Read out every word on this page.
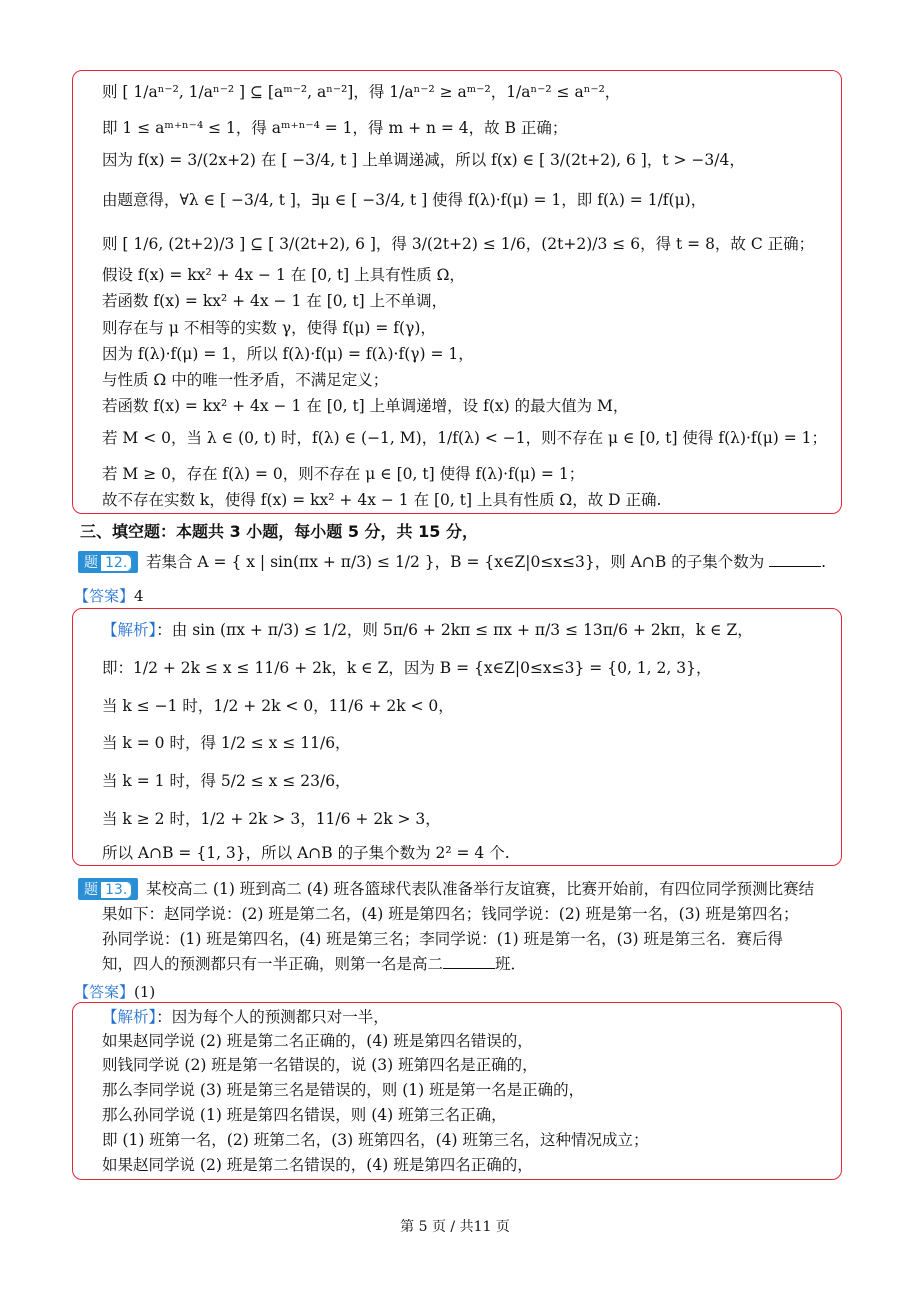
则 [ 1/aⁿ⁻², 1/aⁿ⁻² ] ⊆ [aᵐ⁻², aⁿ⁻²]，得 1/aⁿ⁻² ≥ aᵐ⁻²，1/aⁿ⁻² ≤ aⁿ⁻²，
即 1 ≤ aᵐ⁺ⁿ⁻⁴ ≤ 1，得 aᵐ⁺ⁿ⁻⁴ = 1，得 m + n = 4，故 B 正确；
因为 f(x) = 3/(2x+2) 在 [ −3/4, t ] 上单调递减，所以 f(x) ∈ [ 3/(2t+2), 6 ]，t > −3/4，
由题意得，∀λ ∈ [ −3/4, t ]，∃μ ∈ [ −3/4, t ] 使得 f(λ)·f(μ) = 1，即 f(λ) = 1/f(μ)，
则 [ 1/6, (2t+2)/3 ] ⊆ [ 3/(2t+2), 6 ]，得 3/(2t+2) ≤ 1/6，(2t+2)/3 ≤ 6，得 t = 8，故 C 正确；
假设 f(x) = kx² + 4x − 1 在 [0, t] 上具有性质 Ω，
若函数 f(x) = kx² + 4x − 1 在 [0, t] 上不单调，
则存在与 μ 不相等的实数 γ，使得 f(μ) = f(γ)，
因为 f(λ)·f(μ) = 1，所以 f(λ)·f(μ) = f(λ)·f(γ) = 1，
与性质 Ω 中的唯一性矛盾，不满足定义；
若函数 f(x) = kx² + 4x − 1 在 [0, t] 上单调递增，设 f(x) 的最大值为 M，
若 M < 0，当 λ ∈ (0, t) 时，f(λ) ∈ (−1, M)，1/f(λ) < −1，则不存在 μ ∈ [0, t] 使得 f(λ)·f(μ) = 1；
若 M ≥ 0，存在 f(λ) = 0，则不存在 μ ∈ [0, t] 使得 f(λ)·f(μ) = 1；
故不存在实数 k，使得 f(x) = kx² + 4x − 1 在 [0, t] 上具有性质 Ω，故 D 正确.
三、填空题：本题共 3 小题，每小题 5 分，共 15 分，
题 12.	若集合 A = { x | sin(πx + π/3) ≤ 1/2 }，B = {x∈Z|0≤x≤3}，则 A∩B 的子集个数为	.
【答案】4
【解析】：由 sin (πx + π/3) ≤ 1/2，则 5π/6 + 2kπ ≤ πx + π/3 ≤ 13π/6 + 2kπ，k ∈ Z，
即：1/2 + 2k ≤ x ≤ 11/6 + 2k，k ∈ Z，因为 B = {x∈Z|0≤x≤3} = {0, 1, 2, 3}，
当 k ≤ −1 时，1/2 + 2k < 0，11/6 + 2k < 0，
当 k = 0 时，得 1/2 ≤ x ≤ 11/6，
当 k = 1 时，得 5/2 ≤ x ≤ 23/6，
当 k ≥ 2 时，1/2 + 2k > 3，11/6 + 2k > 3，
所以 A∩B = {1, 3}，所以 A∩B 的子集个数为 2² = 4 个.
题 13.	某校高二 (1) 班到高二 (4) 班各篮球代表队准备举行友谊赛，比赛开始前，有四位同学预测比赛结
果如下：赵同学说：(2) 班是第二名，(4) 班是第四名；钱同学说：(2) 班是第一名，(3) 班是第四名；
孙同学说：(1) 班是第四名，(4) 班是第三名；李同学说：(1) 班是第一名，(3) 班是第三名．赛后得
知，四人的预测都只有一半正确，则第一名是高二	班．
【答案】(1)
【解析】：因为每个人的预测都只对一半，
如果赵同学说 (2) 班是第二名正确的，(4) 班是第四名错误的，
则钱同学说 (2) 班是第一名错误的，说 (3) 班第四名是正确的，
那么李同学说 (3) 班是第三名是错误的，则 (1) 班是第一名是正确的，
那么孙同学说 (1) 班是第四名错误，则 (4) 班第三名正确，
即 (1) 班第一名，(2) 班第二名，(3) 班第四名，(4) 班第三名，这种情况成立；
如果赵同学说 (2) 班是第二名错误的，(4) 班是第四名正确的，
第 5 页 / 共11 页
